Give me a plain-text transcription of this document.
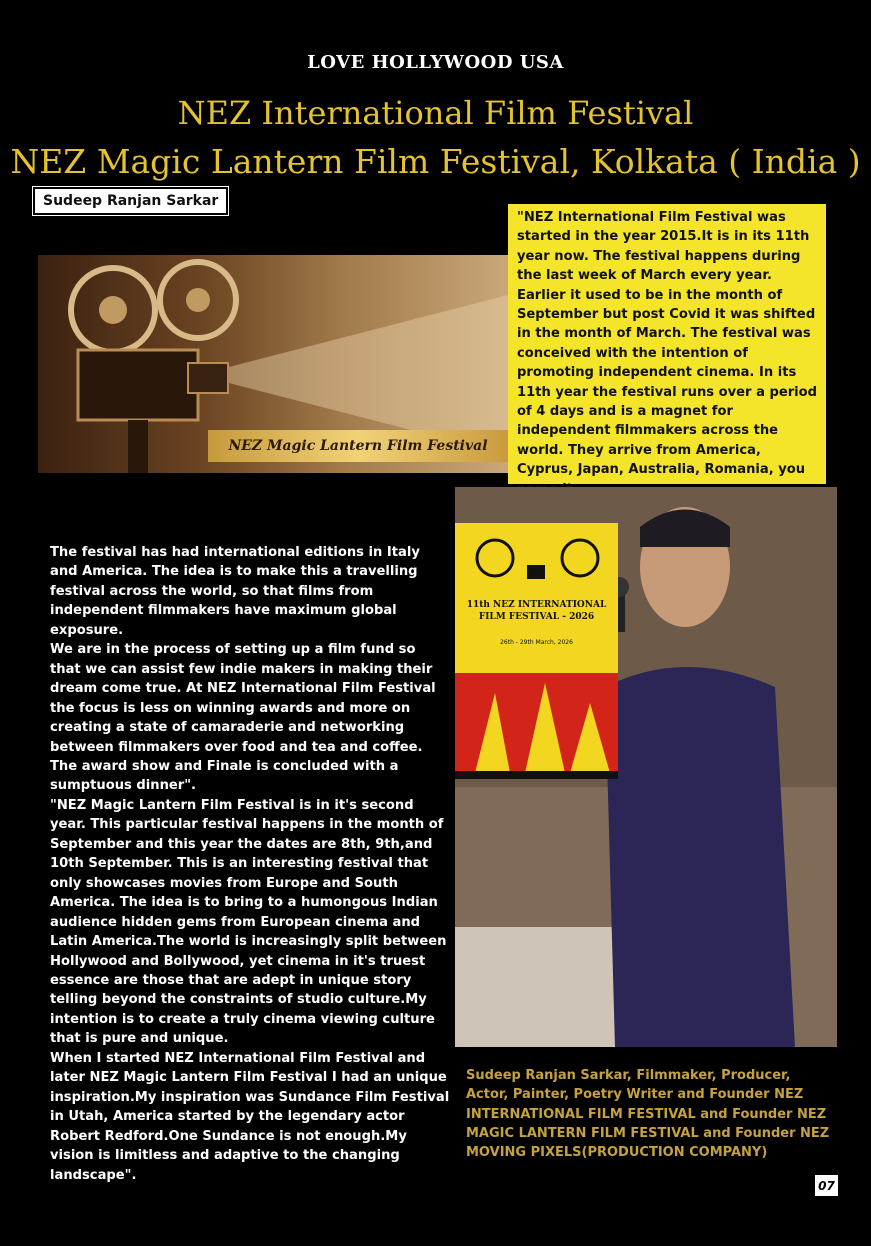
LOVE HOLLYWOOD USA
NEZ International Film Festival
NEZ Magic Lantern Film Festival, Kolkata ( India )
Sudeep Ranjan Sarkar
NEZ Magic Lantern Film Festival
"NEZ International Film Festival was started in the year 2015.It is in its 11th year now. The festival happens during the last week of March every year. Earlier it used to be in the month of September but post Covid it was shifted in the month of March. The festival was conceived with the intention of promoting independent cinema. In its 11th year the festival runs over a period of 4 days and is a magnet for independent filmmakers across the world. They arrive from America, Cyprus, Japan, Australia, Romania, you
11th NEZ INTERNATIONAL
FILM FESTIVAL - 2026
26th - 29th March, 2026

The festival has had international editions in Italy and America. The idea is to make this a travelling festival across the world, so that films from independent filmmakers have maximum global exposure.

We are in the process of setting up a film fund so that we can assist few indie makers in making their dream come true. At NEZ International Film Festival the focus is less on winning awards and more on creating a state of camaraderie and networking between filmmakers over food and tea and coffee. The award show and Finale is concluded with a sumptuous dinner".

"NEZ Magic Lantern Film Festival is in it's second year. This particular festival happens in the month of September and this year the dates are 8th, 9th,and 10th September. This is an interesting festival that only showcases movies from Europe and South America. The idea is to bring to a humongous Indian audience hidden gems from European cinema and Latin America.The world is increasingly split between Hollywood and Bollywood, yet cinema in it's truest essence are those that are adept in unique story telling beyond the constraints of studio culture.My intention is to create a truly cinema viewing culture that is pure and unique.

When I started NEZ International Film Festival and later NEZ Magic Lantern Film Festival I had an unique inspiration.My inspiration was Sundance Film Festival in Utah, America started by the legendary actor Robert Redford.One Sundance is not enough.My vision is limitless and adaptive to the changing landscape".

Sudeep Ranjan Sarkar, Filmmaker, Producer, Actor, Painter, Poetry Writer and Founder NEZ INTERNATIONAL FILM FESTIVAL and Founder NEZ MAGIC LANTERN FILM FESTIVAL and Founder NEZ MOVING PIXELS(PRODUCTION COMPANY)
07
